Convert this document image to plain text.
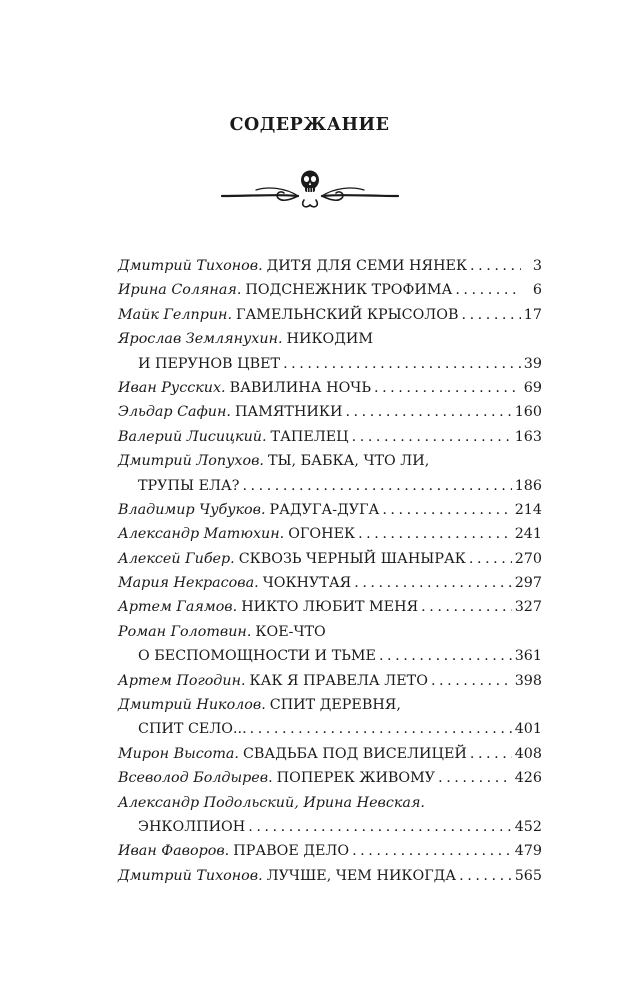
СОДЕРЖАНИЕ
Дмитрий Тихонов. ДИТЯ ДЛЯ СЕМИ НЯНЕК . . .	3
Ирина Соляная. ПОДСНЕЖНИК ТРОФИМА . . .	6
Майк Гелприн. ГАМЕЛЬНСКИЙ КРЫСОЛОВ . . .	17
Ярослав Землянухин. НИКОДИМ
И ПЕРУНОВ ЦВЕТ . . .	39
Иван Русских. ВАВИЛИНА НОЧЬ . . .	69
Эльдар Сафин. ПАМЯТНИКИ . . .	160
Валерий Лисицкий. ТАПЕЛЕЦ . . .	163
Дмитрий Лопухов. ТЫ, БАБКА, ЧТО ЛИ,
ТРУПЫ ЕЛА? . . .	186
Владимир Чубуков. РАДУГА-ДУГА . . .	214
Александр Матюхин. ОГОНЕК . . .	241
Алексей Гибер. СКВОЗЬ ЧЕРНЫЙ ШАНЫРАК . . .	270
Мария Некрасова. ЧОКНУТАЯ . . .	297
Артем Гаямов. НИКТО ЛЮБИТ МЕНЯ . . .	327
Роман Голотвин. КОЕ-ЧТО
О БЕСПОМОЩНОСТИ И ТЬМЕ . . .	361
Артем Погодин. КАК Я ПРАВЕЛА ЛЕТО . . .	398
Дмитрий Николов. СПИТ ДЕРЕВНЯ,
СПИТ СЕЛО... . . .	401
Мирон Высота. СВАДЬБА ПОД ВИСЕЛИЦЕЙ . . .	408
Всеволод Болдырев. ПОПЕРЕК ЖИВОМУ . . .	426
Александр Подольский, Ирина Невская.
ЭНКОЛПИОН . . .	452
Иван Фаворов. ПРАВОЕ ДЕЛО . . .	479
Дмитрий Тихонов. ЛУЧШЕ, ЧЕМ НИКОГДА . . .	565
